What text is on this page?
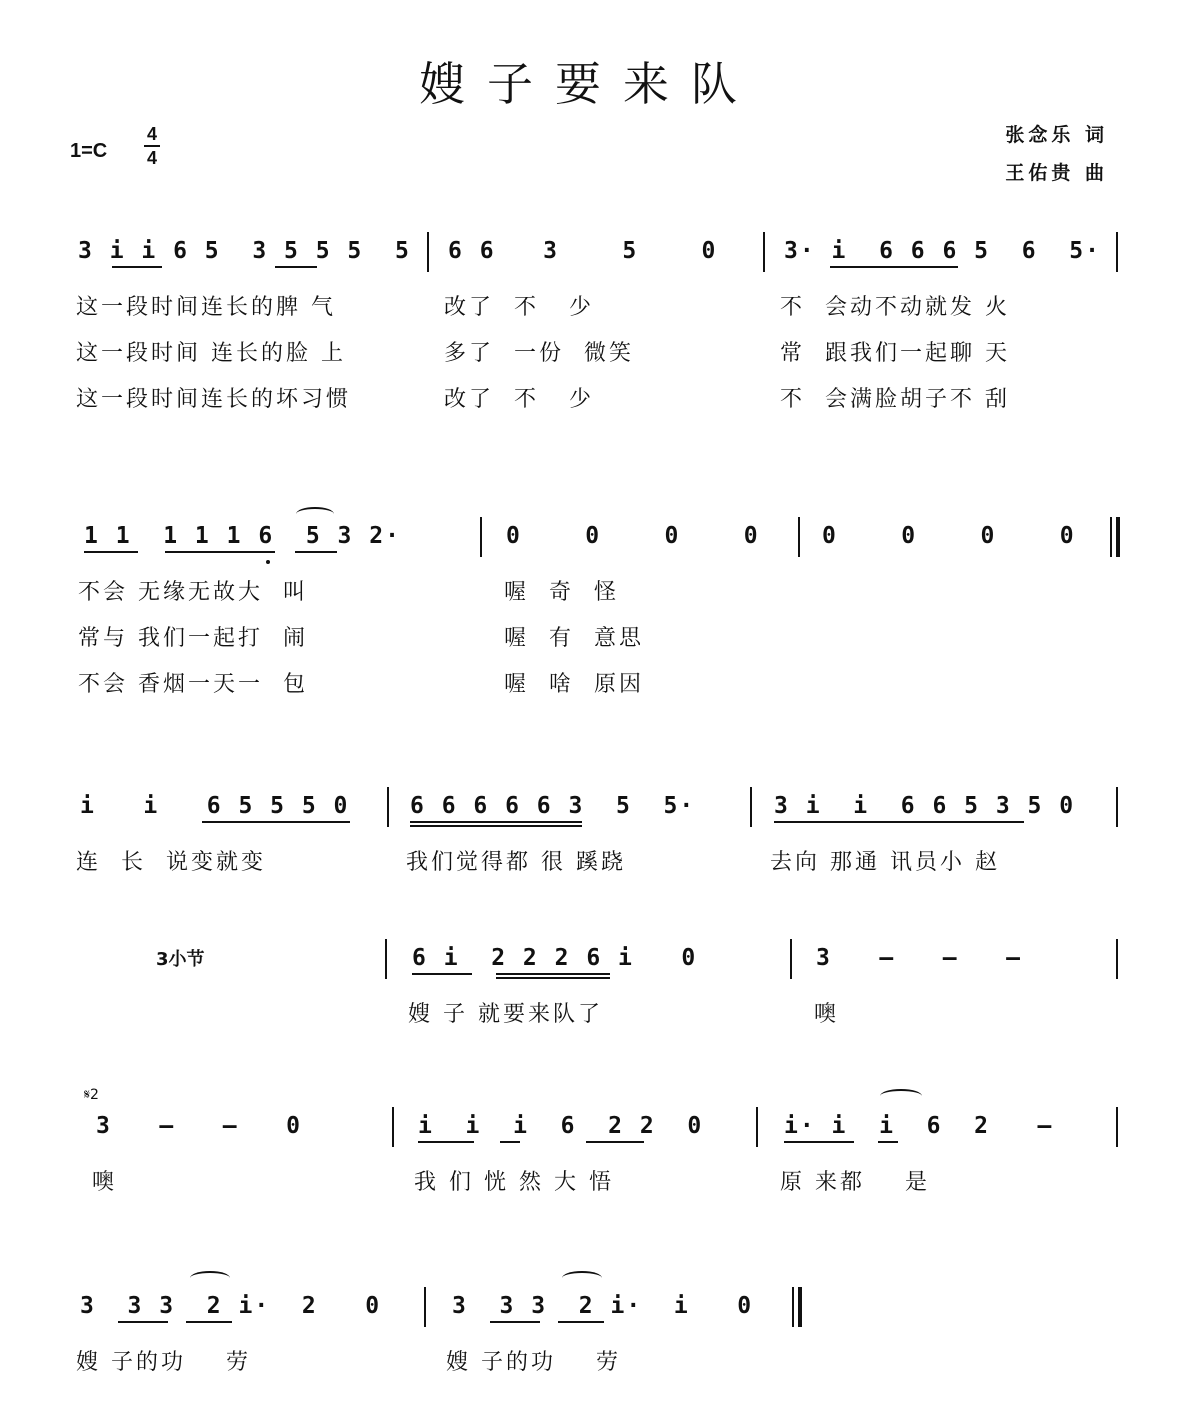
嫂子要来队
1=C
4
4
张念乐 词
王佑贵 曲
3 i i 6 5  3 5 5 5  5 6 6   3    5    0	3· i  6 6 6 5  6  5·
这一段时间连长的脾 气	改了  不   少	不  会动不动就发 火
这一段时间 连长的脸 上	多了  一份  微笑	常  跟我们一起聊 天
这一段时间连长的坏习惯	改了  不   少	不  会满脸胡子不 刮
1 1  1 1 1 6  5 3 2·	0    0    0    0	0    0    0    0
不会 无缘无故大  叫	喔  奇  怪
常与 我们一起打  闹	喔  有  意思
不会 香烟一天一  包	喔  啥  原因
i   i   6 5 5 5 0	6 6 6 6 6 3  5  5·	3 i  i  6 6 5 3 5 0
连  长  说变就变	我们觉得都 很 蹊跷	去向 那通 讯员小 赵
3小节	6 i  2 2 2 6 i   0	3   –   –   –
嫂 子 就要来队了	噢
𝄋2
3   –   –   0	i  i  i  6  2 2  0	i· i  i  6  2   –
噢	我 们 恍 然 大 悟	原 来都    是
3  3 3  2 i·  2   0	3  3 3  2 i·  i   0
嫂 子的功    劳	嫂 子的功    劳
